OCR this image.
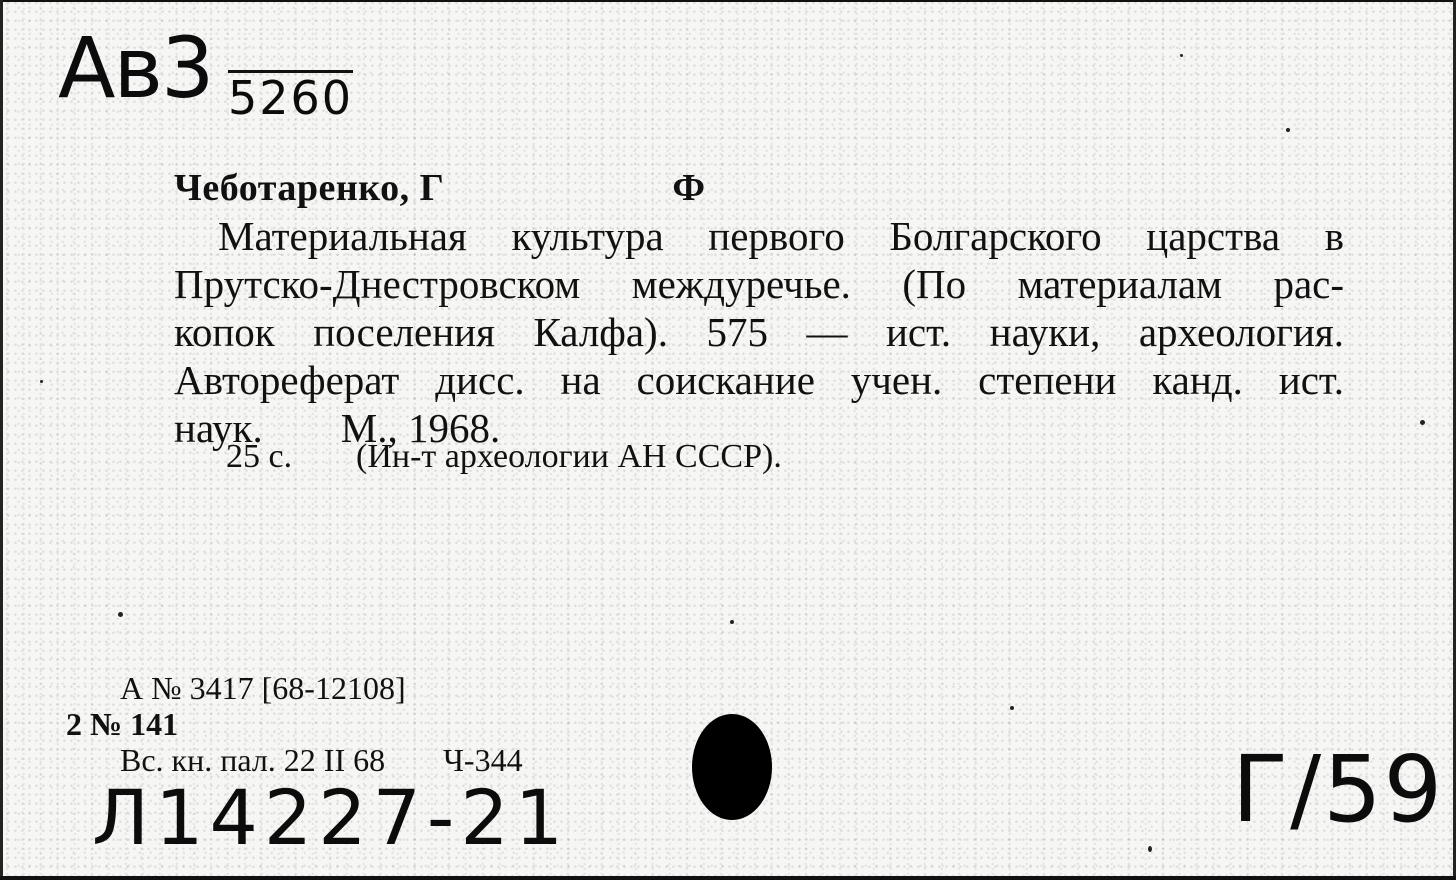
Ав3 5260
Чеботаренко, Г	Ф
Материальная культура первого Болгарского царства в
Прутско-Днестровском междуречье. (По материалам рас-
копок поселения Калфа). 575 — ист. науки, археология.
Автореферат дисс. на соискание учен. степени канд. ист.
наук. М., 1968.
25 с. (Ин-т археологии АН СССР).
А № 3417 [68-12108]
2 № 141
Вс. кн. пал. 22 II 68 Ч-344
Л14227-21	Г/59
